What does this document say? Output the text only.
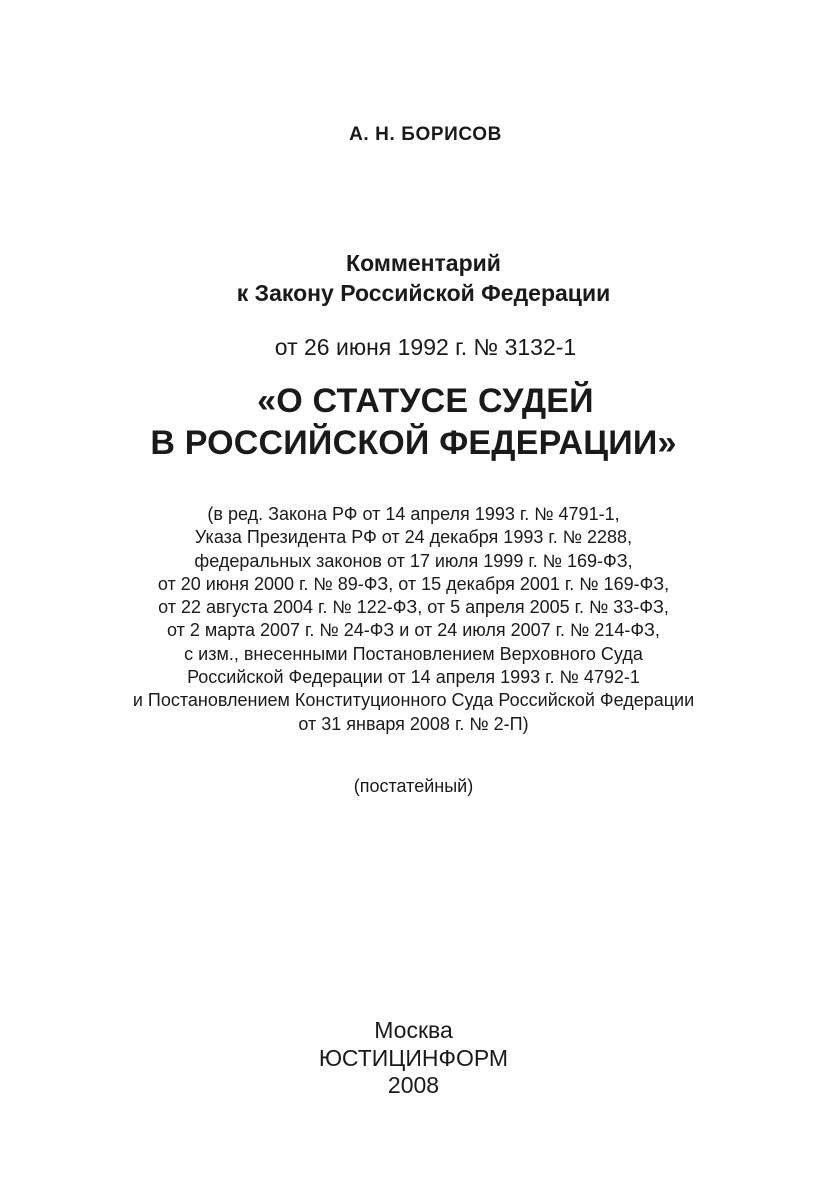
А. Н. БОРИСОВ
Комментарий
к Закону Российской Федерации
от 26 июня 1992 г. № 3132-1
«О СТАТУСЕ СУДЕЙ
В РОССИЙСКОЙ ФЕДЕРАЦИИ»
(в ред. Закона РФ от 14 апреля 1993 г. № 4791-1,
Указа Президента РФ от 24 декабря 1993 г. № 2288,
федеральных законов от 17 июля 1999 г. № 169-ФЗ,
от 20 июня 2000 г. № 89-ФЗ, от 15 декабря 2001 г. № 169-ФЗ,
от 22 августа 2004 г. № 122-ФЗ, от 5 апреля 2005 г. № 33-ФЗ,
от 2 марта 2007 г. № 24-ФЗ и от 24 июля 2007 г. № 214-ФЗ,
с изм., внесенными Постановлением Верховного Суда
Российской Федерации от 14 апреля 1993 г. № 4792-1
и Постановлением Конституционного Суда Российской Федерации
от 31 января 2008 г. № 2-П)
(постатейный)
Москва
ЮСТИЦИНФОРМ
2008
